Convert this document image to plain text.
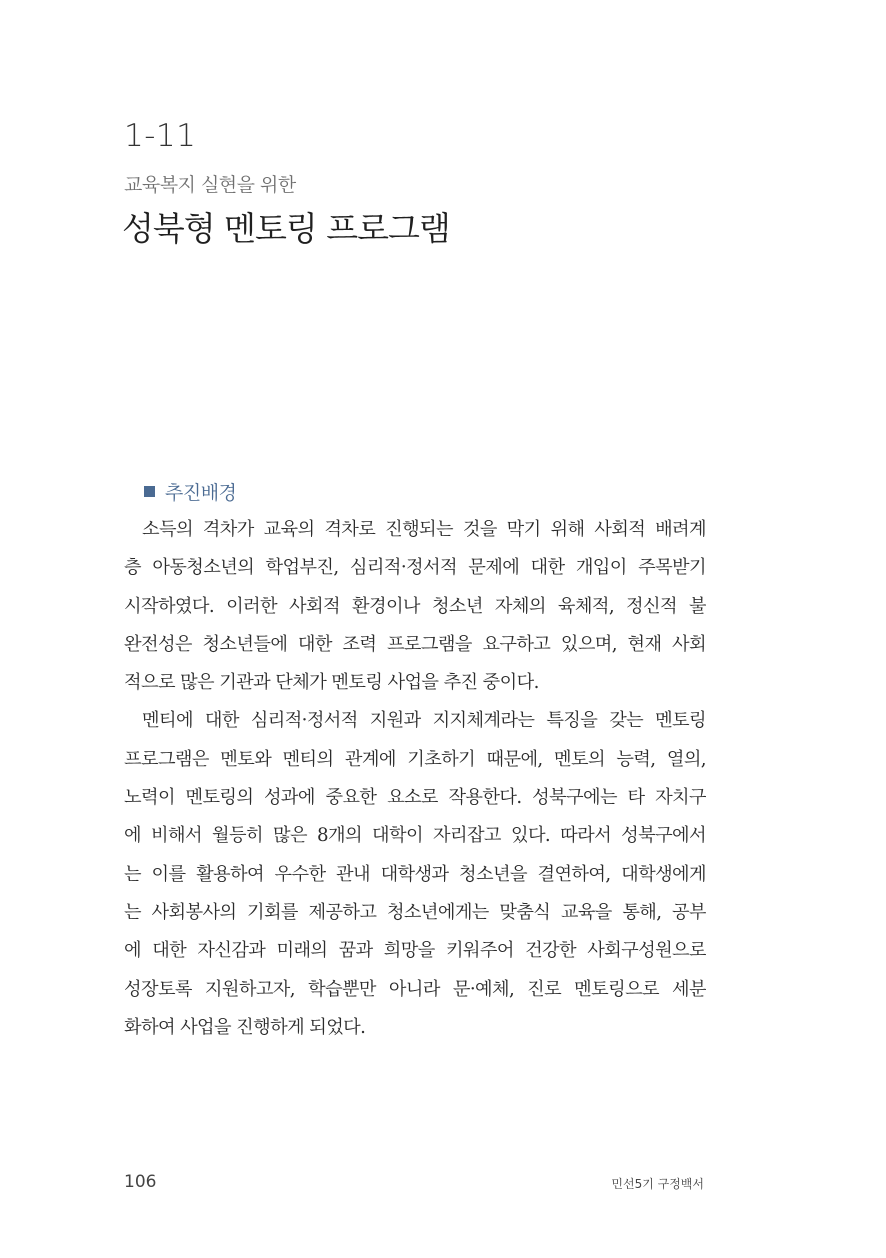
1-11
교육복지 실현을 위한
성북형 멘토링 프로그램
추진배경
소득의 격차가 교육의 격차로 진행되는 것을 막기 위해 사회적 배려계
층 아동청소년의 학업부진, 심리적·정서적 문제에 대한 개입이 주목받기
시작하였다. 이러한 사회적 환경이나 청소년 자체의 육체적, 정신적 불
완전성은 청소년들에 대한 조력 프로그램을 요구하고 있으며, 현재 사회
적으로 많은 기관과 단체가 멘토링 사업을 추진 중이다.
멘티에 대한 심리적·정서적 지원과 지지체계라는 특징을 갖는 멘토링
프로그램은 멘토와 멘티의 관계에 기초하기 때문에, 멘토의 능력, 열의,
노력이 멘토링의 성과에 중요한 요소로 작용한다. 성북구에는 타 자치구
에 비해서 월등히 많은 8개의 대학이 자리잡고 있다. 따라서 성북구에서
는 이를 활용하여 우수한 관내 대학생과 청소년을 결연하여, 대학생에게
는 사회봉사의 기회를 제공하고 청소년에게는 맞춤식 교육을 통해, 공부
에 대한 자신감과 미래의 꿈과 희망을 키워주어 건강한 사회구성원으로
성장토록 지원하고자, 학습뿐만 아니라 문·예체, 진로 멘토링으로 세분
화하여 사업을 진행하게 되었다.
106	민선5기 구정백서
